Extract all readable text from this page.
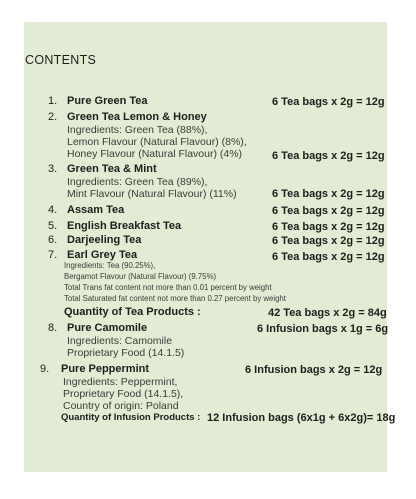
CONTENTS
1. Pure Green Tea	6 Tea bags x 2g = 12g
2. Green Tea Lemon & Honey
Ingredients: Green Tea (88%),
Lemon Flavour (Natural Flavour) (8%),
Honey Flavour (Natural Flavour) (4%)	6 Tea bags x 2g = 12g
3. Green Tea & Mint
Ingredients: Green Tea (89%),
Mint Flavour (Natural Flavour) (11%)	6 Tea bags x 2g = 12g
4. Assam Tea	6 Tea bags x 2g = 12g
5. English Breakfast Tea	6 Tea bags x 2g = 12g
6. Darjeeling Tea	6 Tea bags x 2g = 12g
7. Earl Grey Tea	6 Tea bags x 2g = 12g
Ingredients: Tea (90.25%),
Bergamot Flavour (Natural Flavour) (9.75%)
Total Trans fat content not more than 0.01 percent by weight
Total Saturated fat content not more than 0.27 percent by weight
Quantity of Tea Products :	42 Tea bags x 2g = 84g
8. Pure Camomile	6 Infusion bags x 1g = 6g
Ingredients: Camomile
Proprietary Food (14.1.5)
9. Pure Peppermint	6 Infusion bags x 2g = 12g
Ingredients: Peppermint,
Proprietary Food (14.1.5),
Country of origin: Poland
Quantity of Infusion Products : 12 Infusion bags (6x1g + 6x2g)= 18g
